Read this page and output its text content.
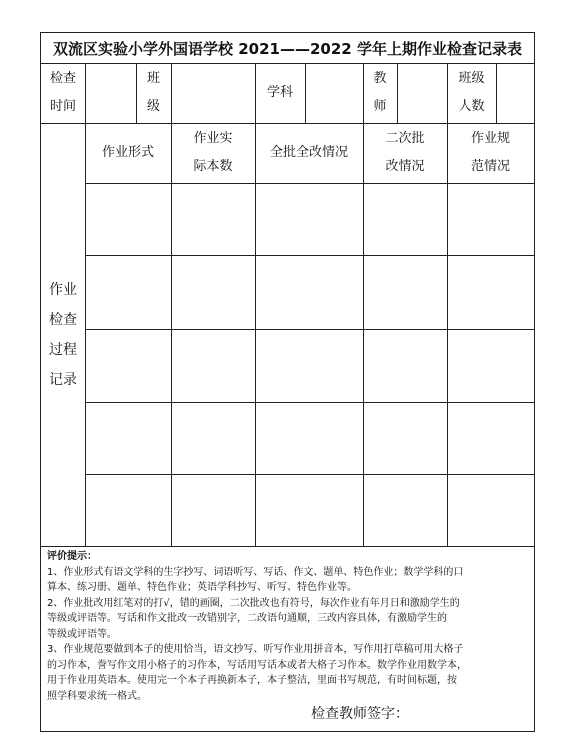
双流区实验小学外国语学校 2021——2022 学年上期作业检查记录表
检查
时间
班
级
学科
教
师
班级
人数
作业形式
作业实
际本数
全批全改情况
二次批
改情况
作业规
范情况
作业
检查
过程
记录

评价提示：

1、作业形式有语文学科的生字抄写、词语听写、写话、作文、题单、特色作业；数学学科的口

算本、练习册、题单、特色作业；英语学科抄写、听写、特色作业等。

2、作业批改用红笔对的打√，错的画圈，二次批改也有符号，每次作业有年月日和激励学生的

等级或评语等。写话和作文批改一改错别字，二改语句通顺，三改内容具体，有激励学生的

等级或评语等。

3、作业规范要做到本子的使用恰当，语文抄写、听写作业用拼音本，写作用打草稿可用大格子

的习作本，誊写作文用小格子的习作本，写话用写话本或者大格子习作本。数学作业用数学本，

用于作业用英语本。使用完一个本子再换新本子，本子整洁，里面书写规范，有时间标题，按

照学科要求统一格式。

检查教师签字：
